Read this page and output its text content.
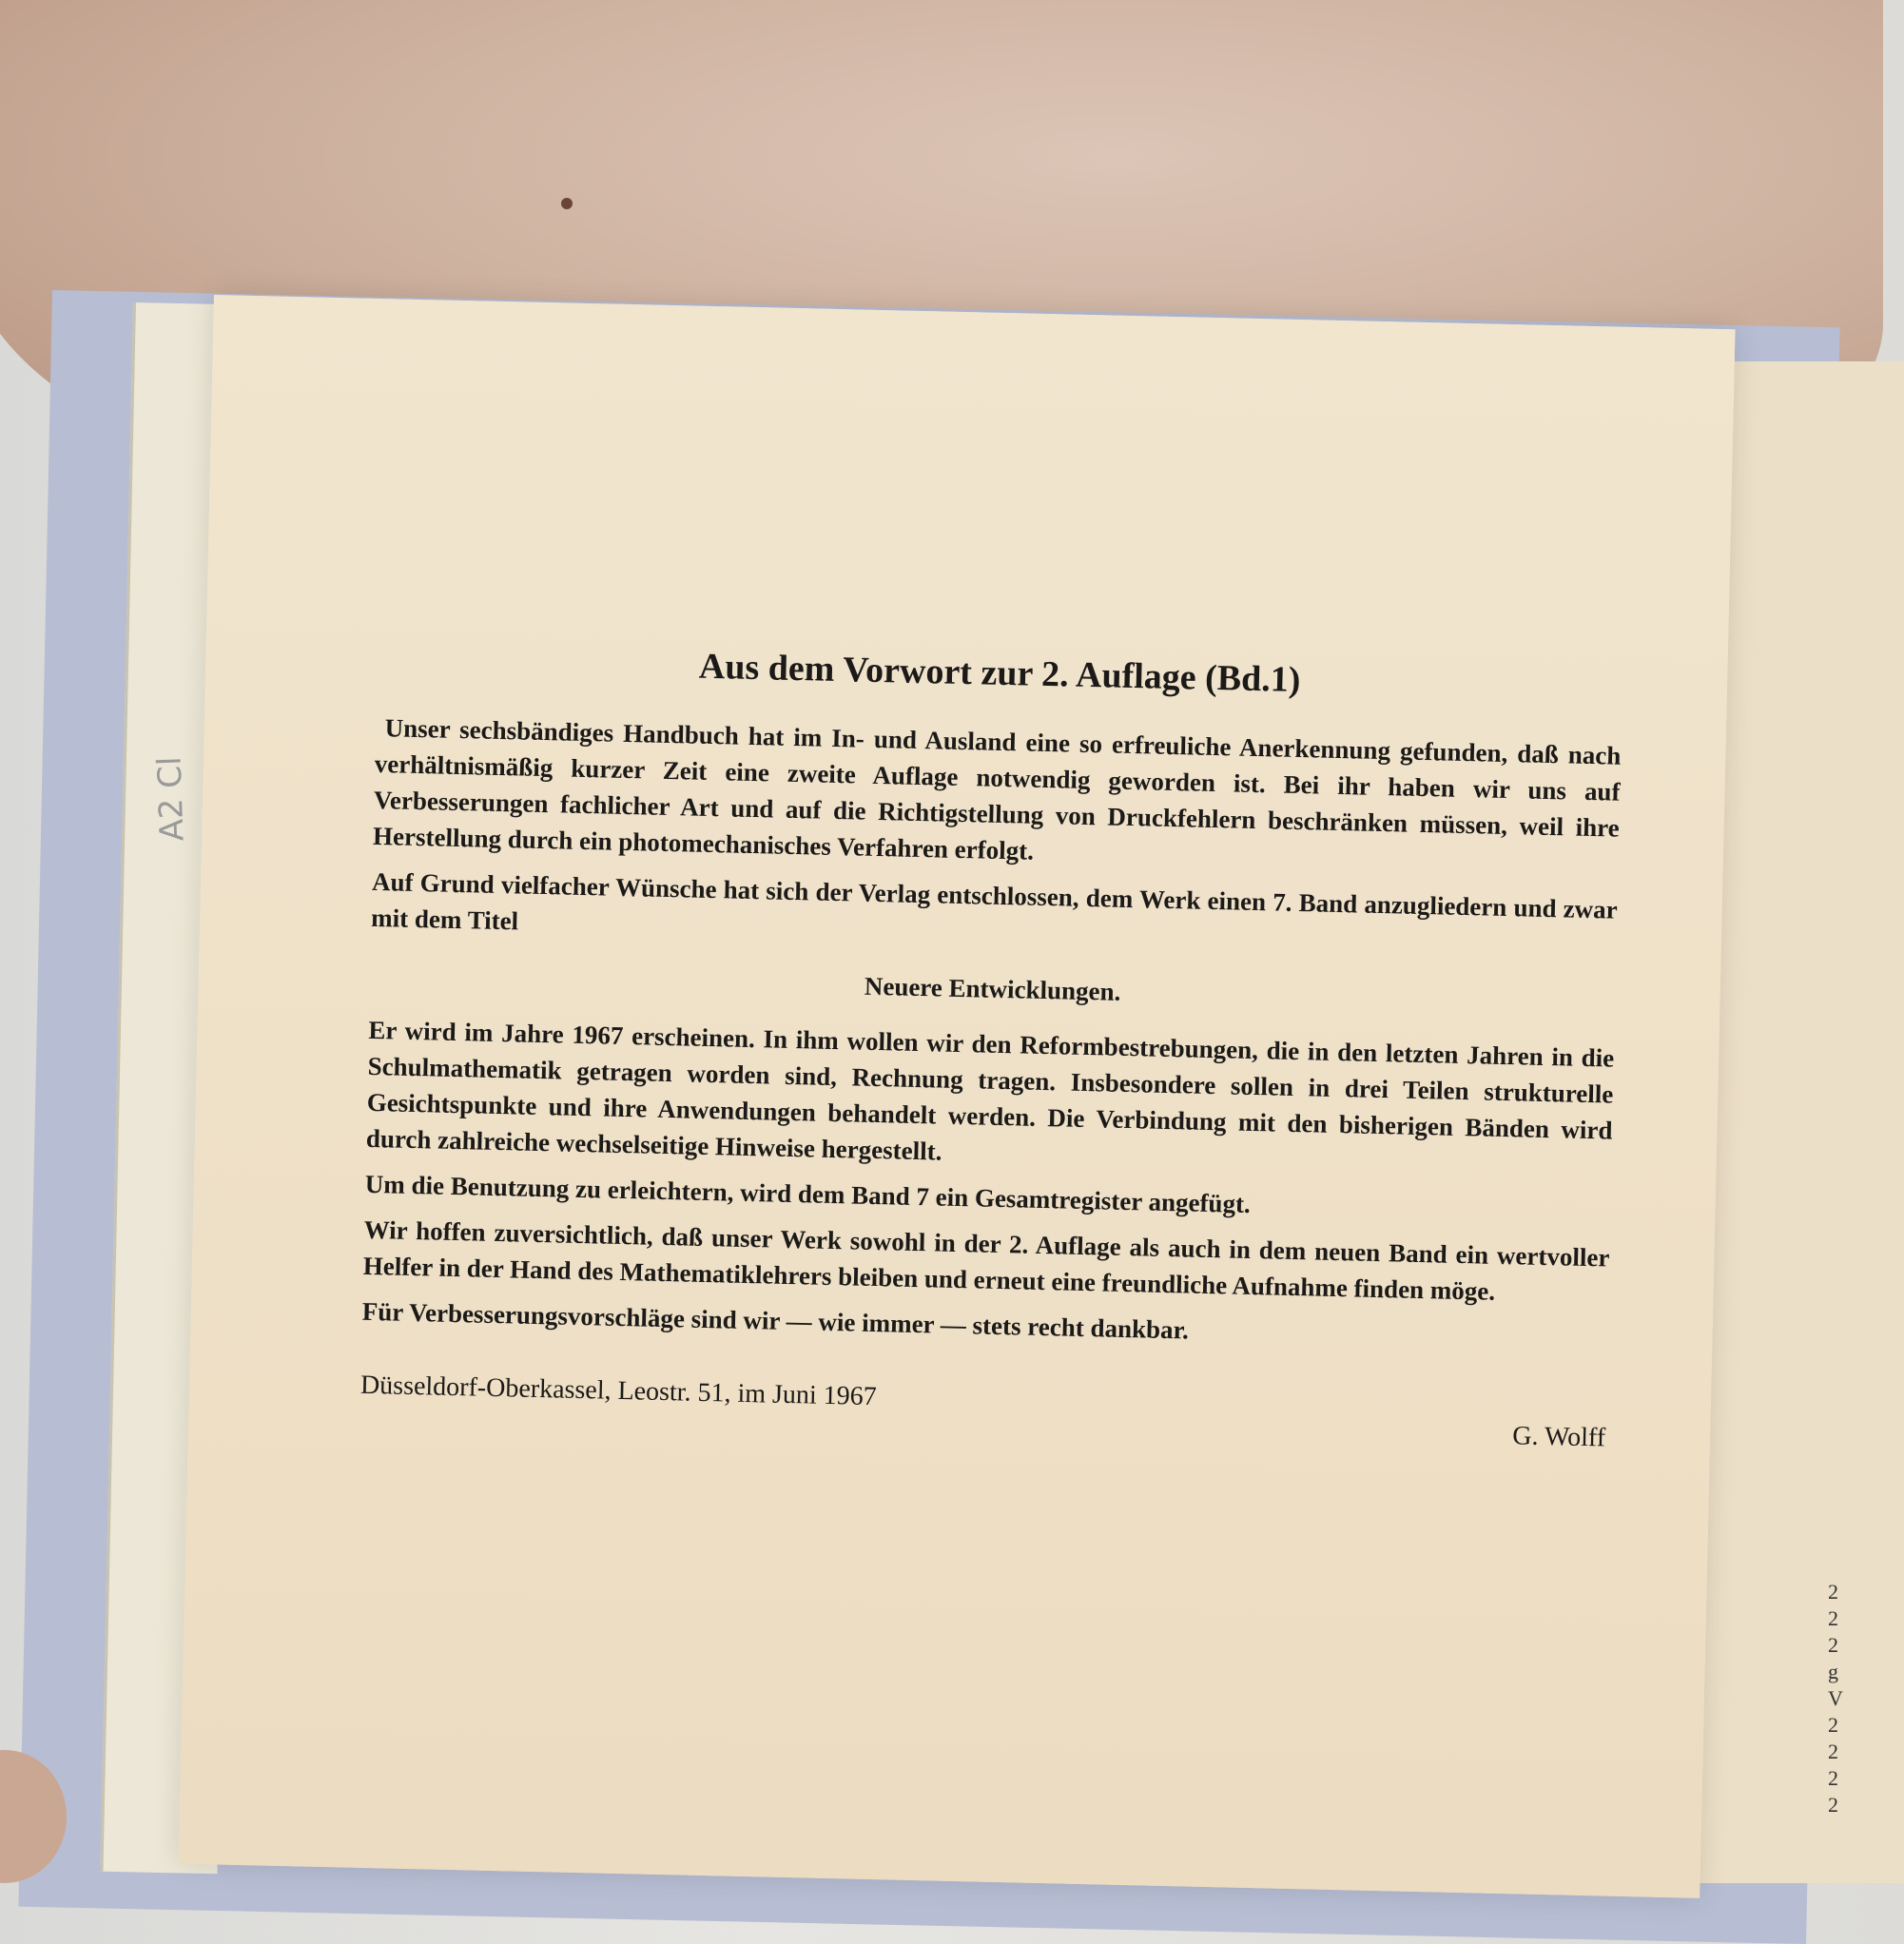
A2 Cl
2 2 2 g V 2 2 2 2
Aus dem Vorwort zur 2. Auflage (Bd.1)

Unser sechsbändiges Handbuch hat im In- und Ausland eine so erfreuliche Anerkennung gefunden, daß nach verhältnismäßig kurzer Zeit eine zweite Auflage notwendig geworden ist. Bei ihr haben wir uns auf Verbesserungen fachlicher Art und auf die Richtigstellung von Druckfehlern beschränken müssen, weil ihre Herstellung durch ein photomechanisches Verfahren erfolgt.

Auf Grund vielfacher Wünsche hat sich der Verlag entschlossen, dem Werk einen 7. Band anzugliedern und zwar mit dem Titel

Neuere Entwicklungen.

Er wird im Jahre 1967 erscheinen. In ihm wollen wir den Reformbestrebungen, die in den letzten Jahren in die Schulmathematik getragen worden sind, Rechnung tragen. Insbesondere sollen in drei Teilen strukturelle Gesichtspunkte und ihre Anwendungen behandelt werden. Die Verbindung mit den bisherigen Bänden wird durch zahlreiche wechselseitige Hinweise hergestellt.

Um die Benutzung zu erleichtern, wird dem Band 7 ein Gesamtregister angefügt.

Wir hoffen zuversichtlich, daß unser Werk sowohl in der 2. Auflage als auch in dem neuen Band ein wertvoller Helfer in der Hand des Mathematiklehrers bleiben und erneut eine freundliche Aufnahme finden möge.

Für Verbesserungsvorschläge sind wir — wie immer — stets recht dankbar.

Düsseldorf-Oberkassel, Leostr. 51, im Juni 1967
G. Wolff
